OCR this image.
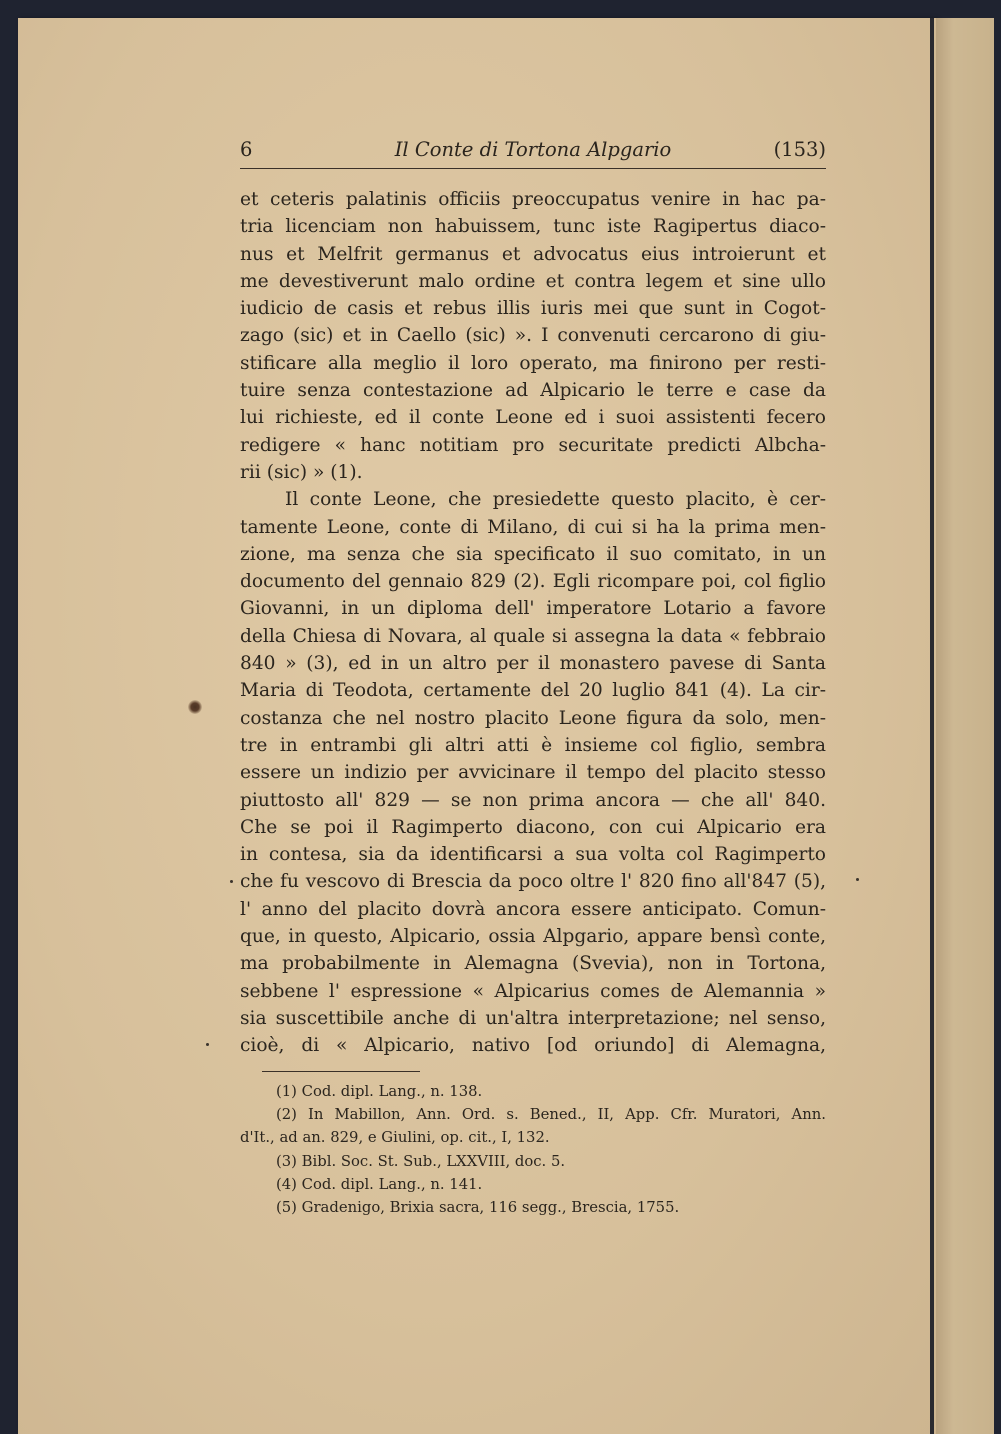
6	Il Conte di Tortona Alpgario	(153)
et ceteris palatinis officiis preoccupatus venire in hac pa-
tria licenciam non habuissem, tunc iste Ragipertus diaco-
nus et Melfrit germanus et advocatus eius introierunt et
me devestiverunt malo ordine et contra legem et sine ullo
iudicio de casis et rebus illis iuris mei que sunt in Cogot-
zago (sic) et in Caello (sic) ». I convenuti cercarono di giu-
stificare alla meglio il loro operato, ma finirono per resti-
tuire senza contestazione ad Alpicario le terre e case da
lui richieste, ed il conte Leone ed i suoi assistenti fecero
redigere « hanc notitiam pro securitate predicti Albcha-
rii (sic) » (1).
Il conte Leone, che presiedette questo placito, è cer-
tamente Leone, conte di Milano, di cui si ha la prima men-
zione, ma senza che sia specificato il suo comitato, in un
documento del gennaio 829 (2). Egli ricompare poi, col figlio
Giovanni, in un diploma dell' imperatore Lotario a favore
della Chiesa di Novara, al quale si assegna la data « febbraio
840 » (3), ed in un altro per il monastero pavese di Santa
Maria di Teodota, certamente del 20 luglio 841 (4). La cir-
costanza che nel nostro placito Leone figura da solo, men-
tre in entrambi gli altri atti è insieme col figlio, sembra
essere un indizio per avvicinare il tempo del placito stesso
piuttosto all' 829 — se non prima ancora — che all' 840.
Che se poi il Ragimperto diacono, con cui Alpicario era
in contesa, sia da identificarsi a sua volta col Ragimperto
che fu vescovo di Brescia da poco oltre l' 820 fino all'847 (5),
l' anno del placito dovrà ancora essere anticipato. Comun-
que, in questo, Alpicario, ossia Alpgario, appare bensì conte,
ma probabilmente in Alemagna (Svevia), non in Tortona,
sebbene l' espressione « Alpicarius comes de Alemannia »
sia suscettibile anche di un'altra interpretazione; nel senso,
cioè, di « Alpicario, nativo [od oriundo] di Alemagna,
(1) Cod. dipl. Lang., n. 138.
(2) In Mabillon, Ann. Ord. s. Bened., II, App. Cfr. Muratori, Ann.
d'It., ad an. 829, e Giulini, op. cit., I, 132.
(3) Bibl. Soc. St. Sub., LXXVIII, doc. 5.
(4) Cod. dipl. Lang., n. 141.
(5) Gradenigo, Brixia sacra, 116 segg., Brescia, 1755.
